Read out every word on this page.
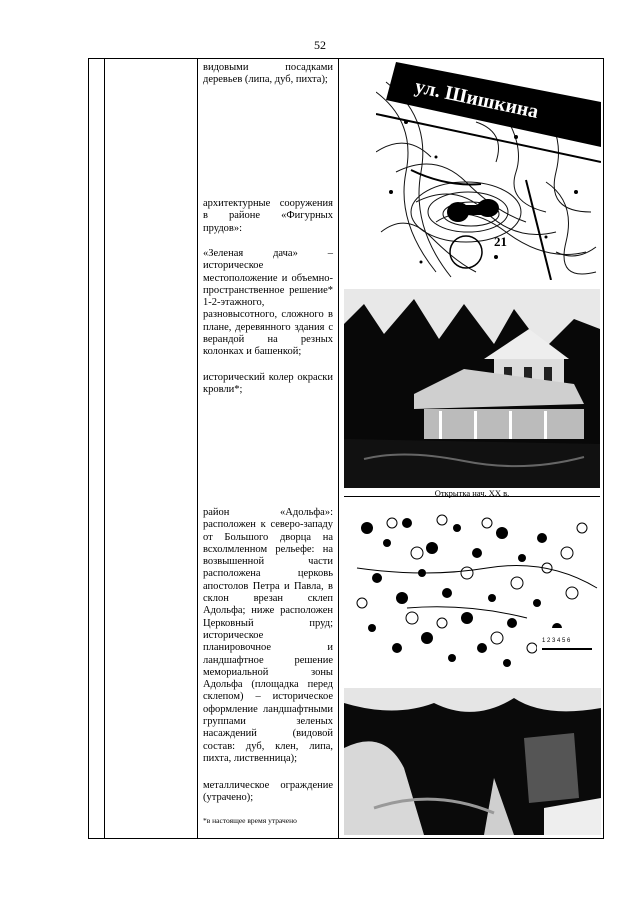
52
видовыми посадками деревьев (липа, дуб, пихта);
архитектурные сооружения в районе «Фигурных прудов»:
«Зеленая дача» – историческое местоположение и объемно-пространственное решение* 1-2-этажного, разновысотного, сложного в плане, деревянного здания с верандой на резных колонках и башенкой;
исторический колер окраски кровли*;
район «Адольфа»: расположен к северо-западу от Большого дворца на всхолмленном рельефе: на возвышенной части расположена церковь апостолов Петра и Павла, в склон врезан склеп Адольфа; ниже расположен Церковный пруд; историческое планировочное и ландшафтное решение мемориальной зоны Адольфа (площадка перед склепом) – историческое оформление ландшафтными группами зеленых насаждений (видовой состав: дуб, клен, липа, пихта, лиственница);
металлическое ограждение (утрачено);
*в настоящее время утрачено
ул. Шишкина
21
Открытка нач. XX в.
1 2 3 4 5 6
